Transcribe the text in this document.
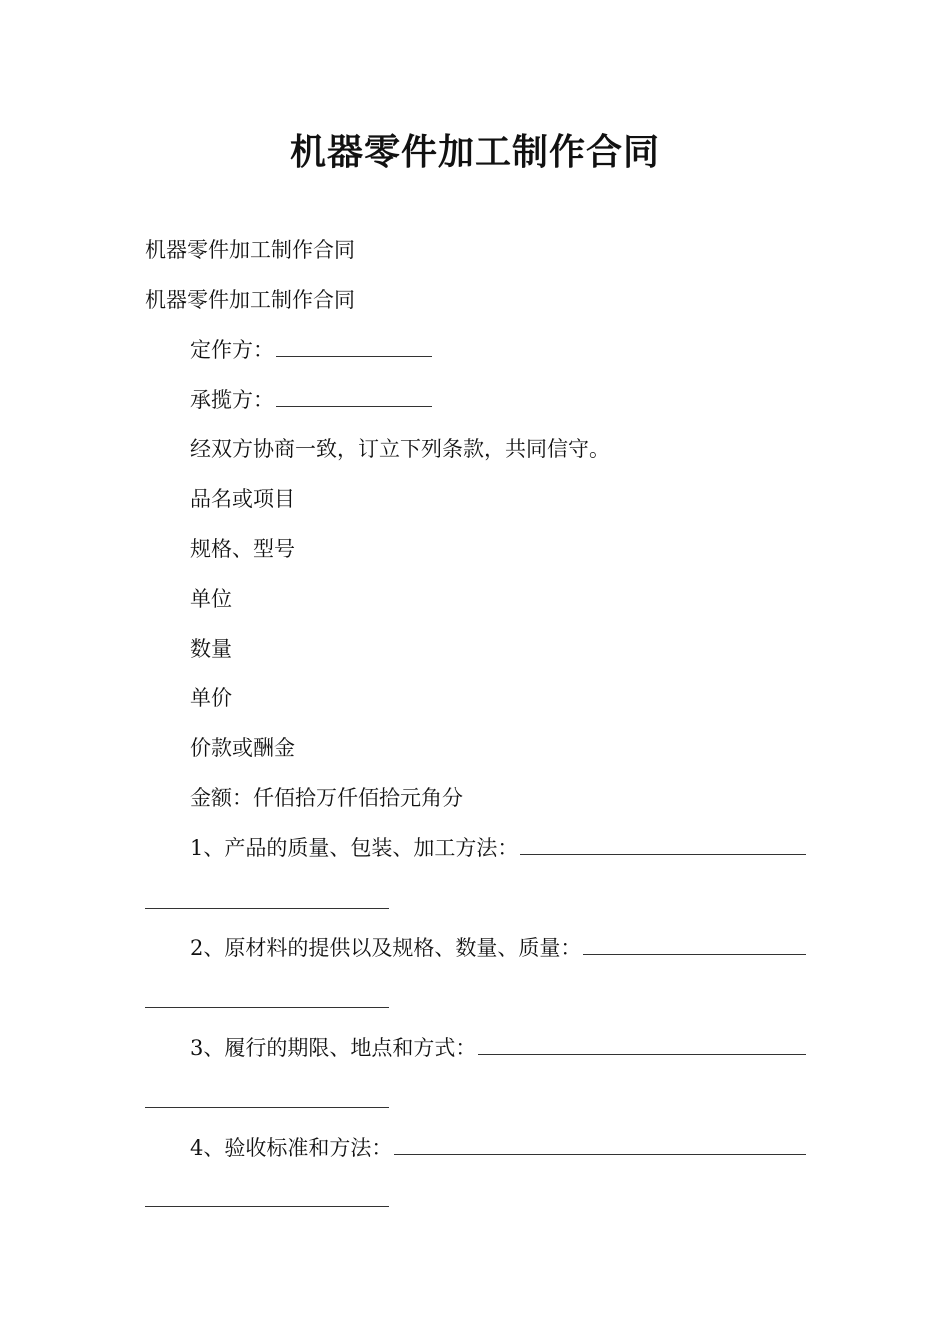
机器零件加工制作合同
机器零件加工制作合同
机器零件加工制作合同
定作方：
承揽方：
经双方协商一致，订立下列条款，共同信守。
品名或项目
规格、型号
单位
数量
单价
价款或酬金
金额：仟佰拾万仟佰拾元角分
1、产品的质量、包装、加工方法：
2、原材料的提供以及规格、数量、质量：
3、履行的期限、地点和方式：
4、验收标准和方法：
